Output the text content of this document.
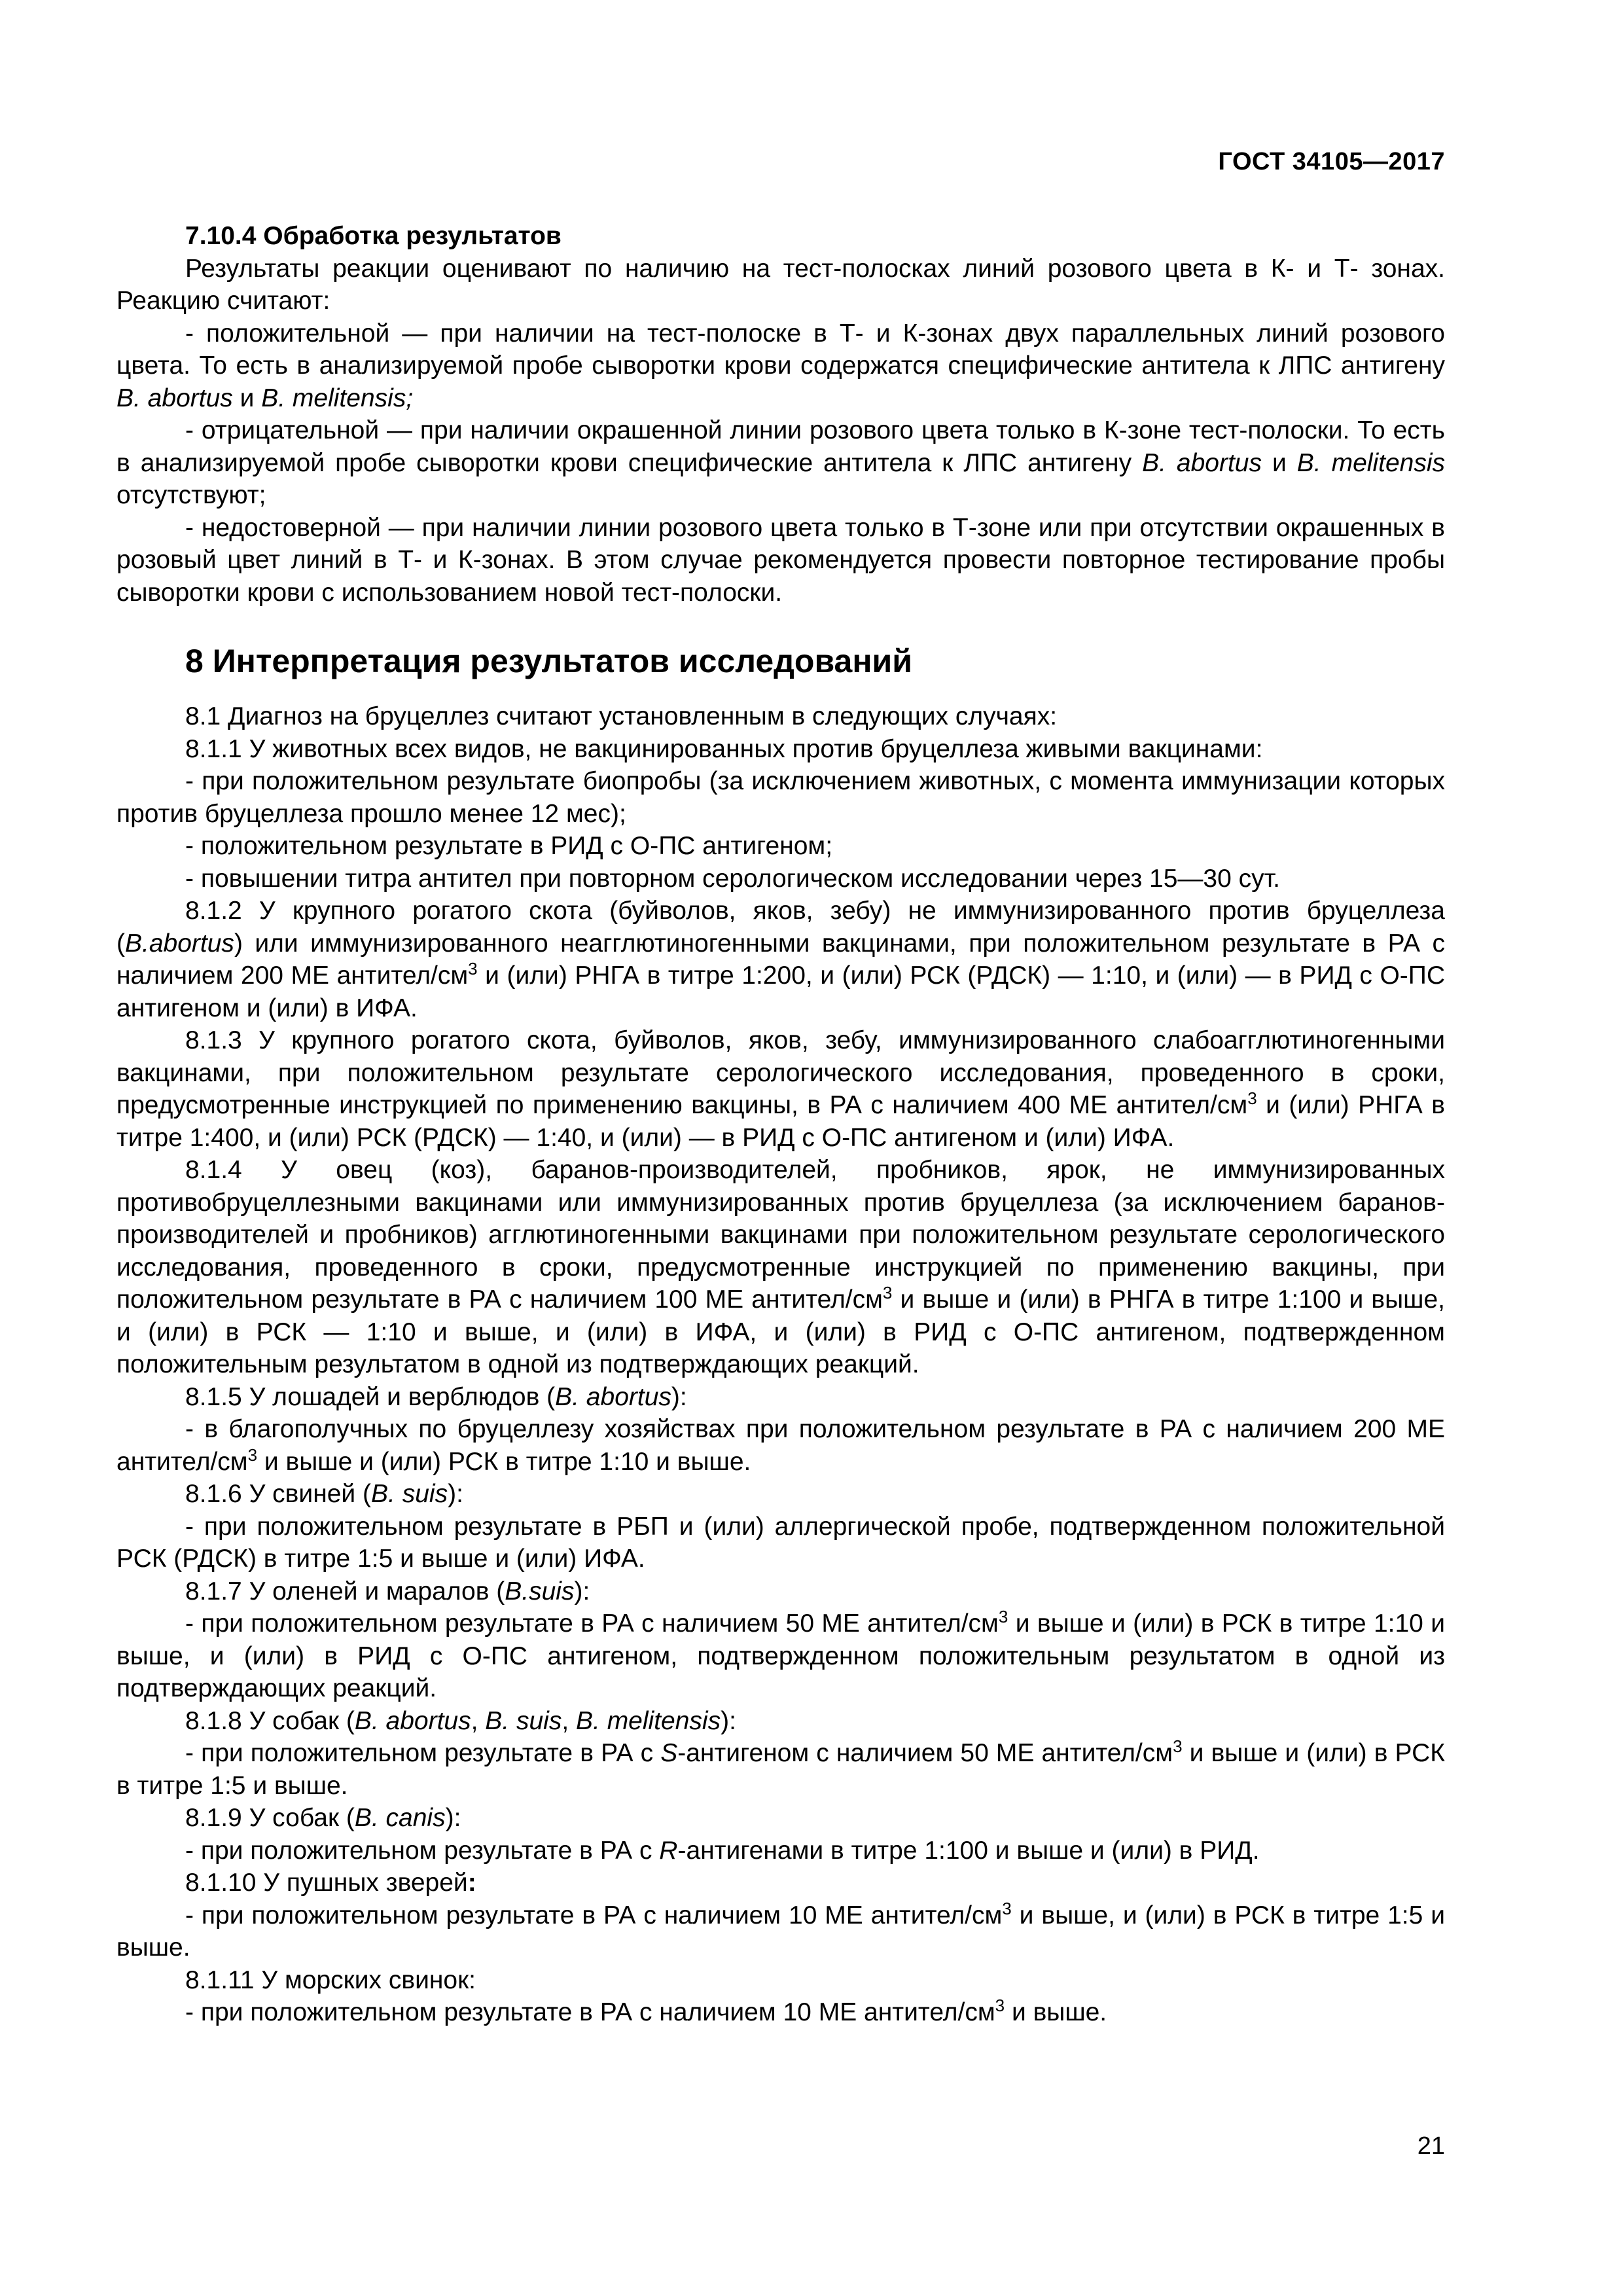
ГОСТ 34105—2017

7.10.4 Обработка результатов

Результаты реакции оценивают по наличию на тест-полосках линий розового цвета в К- и Т- зонах. Реакцию считают:

- положительной — при наличии на тест-полоске в Т- и К-зонах двух параллельных линий розового цвета. То есть в анализируемой пробе сыворотки крови содержатся специфические антитела к ЛПС антигену B. abortus и B. melitensis;

- отрицательной — при наличии окрашенной линии розового цвета только в К-зоне тест-полоски. То есть в анализируемой пробе сыворотки крови специфические антитела к ЛПС антигену B. abortus и B. melitensis отсутствуют;

- недостоверной — при наличии линии розового цвета только в Т-зоне или при отсутствии окрашенных в розовый цвет линий в Т- и К-зонах. В этом случае рекомендуется провести повторное тестирование пробы сыворотки крови с использованием новой тест-полоски.

8 Интерпретация результатов исследований

8.1 Диагноз на бруцеллез считают установленным в следующих случаях:

8.1.1 У животных всех видов, не вакцинированных против бруцеллеза живыми вакцинами:

- при положительном результате биопробы (за исключением животных, с момента иммунизации которых против бруцеллеза прошло менее 12 мес);

- положительном результате в РИД с О-ПС антигеном;

- повышении титра антител при повторном серологическом исследовании через 15—30 сут.

8.1.2 У крупного рогатого скота (буйволов, яков, зебу) не иммунизированного против бруцеллеза (B.abortus) или иммунизированного неагглютиногенными вакцинами, при положительном результате в РА с наличием 200 МЕ антител/$см^3$ и (или) РНГА в титре 1:200, и (или) РСК (РДСК) — 1:10, и (или) — в РИД с О-ПС антигеном и (или) в ИФА.

8.1.3 У крупного рогатого скота, буйволов, яков, зебу, иммунизированного слабоагглютиногенными вакцинами, при положительном результате серологического исследования, проведенного в сроки, предусмотренные инструкцией по применению вакцины, в РА с наличием 400 МЕ антител/$см^3$ и (или) РНГА в титре 1:400, и (или) РСК (РДСК) — 1:40, и (или) — в РИД с О-ПС антигеном и (или) ИФА.

8.1.4 У овец (коз), баранов-производителей, пробников, ярок, не иммунизированных противобруцеллезными вакцинами или иммунизированных против бруцеллеза (за исключением баранов-производителей и пробников) агглютиногенными вакцинами при положительном результате серологического исследования, проведенного в сроки, предусмотренные инструкцией по применению вакцины, при положительном результате в РА с наличием 100 МЕ антител/$см^3$ и выше и (или) в РНГА в титре 1:100 и выше, и (или) в РСК — 1:10 и выше, и (или) в ИФА, и (или) в РИД с О-ПС антигеном, подтвержденном положительным результатом в одной из подтверждающих реакций.

8.1.5 У лошадей и верблюдов (B. abortus):

- в благополучных по бруцеллезу хозяйствах при положительном результате в РА с наличием 200 МЕ антител/$см^3$ и выше и (или) РСК в титре 1:10 и выше.

8.1.6 У свиней (B. suis):

- при положительном результате в РБП и (или) аллергической пробе, подтвержденном положительной РСК (РДСК) в титре 1:5 и выше и (или) ИФА.

8.1.7 У оленей и маралов (B.suis):

- при положительном результате в РА с наличием 50 МЕ антител/$см^3$ и выше и (или) в РСК в титре 1:10 и выше, и (или) в РИД с О-ПС антигеном, подтвержденном положительным результатом в одной из подтверждающих реакций.

8.1.8 У собак (B. abortus, B. suis, B. melitensis):

- при положительном результате в РА с S-антигеном с наличием 50 МЕ антител/$см^3$ и выше и (или) в РСК в титре 1:5 и выше.

8.1.9 У собак (B. canis):

- при положительном результате в РА с R-антигенами в титре 1:100 и выше и (или) в РИД.

8.1.10 У пушных зверей:

- при положительном результате в РА с наличием 10 МЕ антител/$см^3$ и выше, и (или) в РСК в титре 1:5 и выше.

8.1.11 У морских свинок:

- при положительном результате в РА с наличием 10 МЕ антител/$см^3$ и выше.

21
